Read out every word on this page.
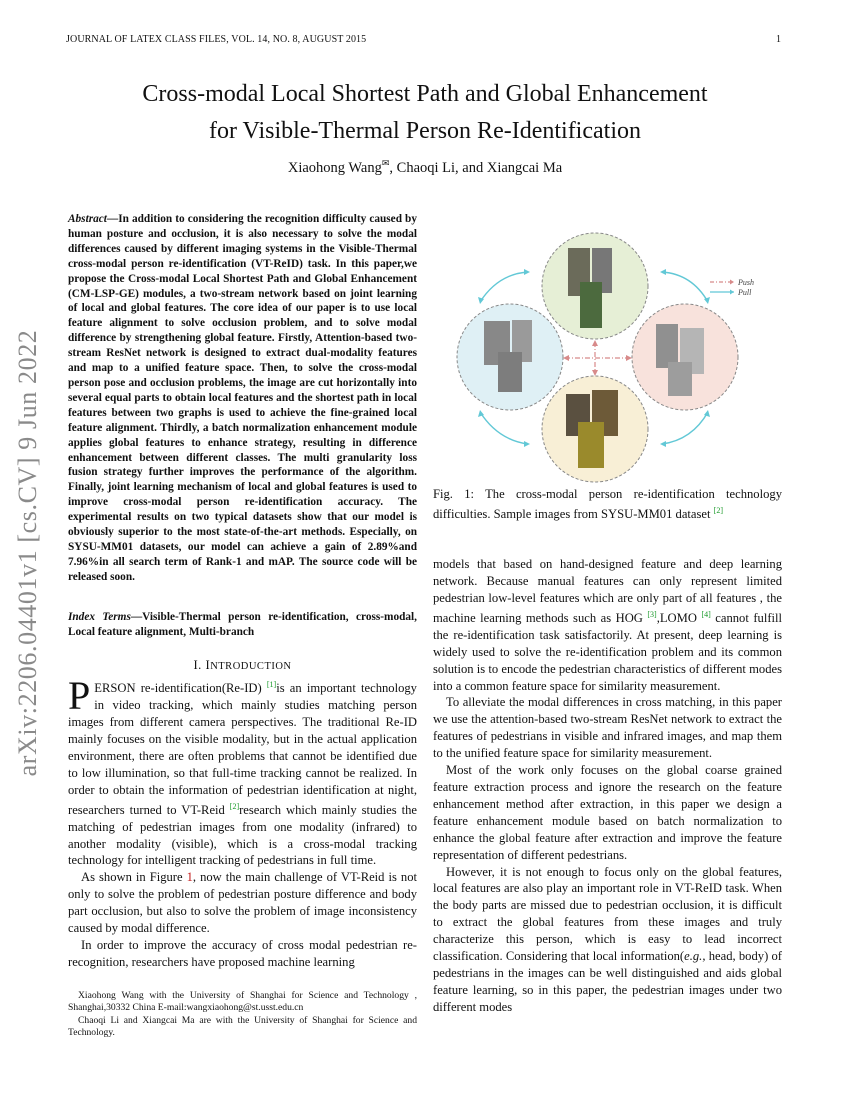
JOURNAL OF LATEX CLASS FILES, VOL. 14, NO. 8, AUGUST 2015	1
arXiv:2206.04401v1 [cs.CV] 9 Jun 2022
Cross-modal Local Shortest Path and Global Enhancement
for Visible-Thermal Person Re-Identification
Xiaohong Wang✉, Chaoqi Li, and Xiangcai Ma
Abstract—In addition to considering the recognition difficulty caused by human posture and occlusion, it is also necessary to solve the modal differences caused by different imaging systems in the Visible-Thermal cross-modal person re-identification (VT-ReID) task. In this paper,we propose the Cross-modal Local Shortest Path and Global Enhancement (CM-LSP-GE) modules, a two-stream network based on joint learning of local and global features. The core idea of our paper is to use local feature alignment to solve occlusion problem, and to solve modal difference by strengthening global feature. Firstly, Attention-based two-stream ResNet network is designed to extract dual-modality features and map to a unified feature space. Then, to solve the cross-modal person pose and occlusion problems, the image are cut horizontally into several equal parts to obtain local features and the shortest path in local features between two graphs is used to achieve the fine-grained local feature alignment. Thirdly, a batch normalization enhancement module applies global features to enhance strategy, resulting in difference enhancement between different classes. The multi granularity loss fusion strategy further improves the performance of the algorithm. Finally, joint learning mechanism of local and global features is used to improve cross-modal person re-identification accuracy. The experimental results on two typical datasets show that our model is obviously superior to the most state-of-the-art methods. Especially, on SYSU-MM01 datasets, our model can achieve a gain of 2.89%and 7.96%in all search term of Rank-1 and mAP. The source code will be released soon.
Index Terms—Visible-Thermal person re-identification, cross-modal, Local feature alignment, Multi-branch
I. INTRODUCTION

PERSON re-identification(Re-ID) [1]is an important technology in video tracking, which mainly studies matching person images from different camera perspectives. The traditional Re-ID mainly focuses on the visible modality, but in the actual application environment, there are often problems that cannot be identified due to low illumination, so that full-time tracking cannot be realized. In order to obtain the information of pedestrian identification at night, researchers turned to VT-Reid [2]research which mainly studies the matching of pedestrian images from one modality (infrared) to another modality (visible), which is a cross-modal tracking technology for intelligent tracking of pedestrians in full time.

As shown in Figure 1, now the main challenge of VT-Reid is not only to solve the problem of pedestrian posture difference and body part occlusion, but also to solve the problem of image inconsistency caused by modal difference.

In order to improve the accuracy of cross modal pedestrian re-recognition, researchers have proposed machine learning

Xiaohong Wang with the University of Shanghai for Science and Technology , Shanghai,30332 China E-mail:wangxiaohong@st.usst.edu.cn

Chaoqi Li and Xiangcai Ma are with the University of Shanghai for Science and Technology.

Push
Pull
Fig. 1: The cross-modal person re-identification technology difficulties. Sample images from SYSU-MM01 dataset [2]

models that based on hand-designed feature and deep learning network. Because manual features can only represent limited pedestrian low-level features which are only part of all features , the machine learning methods such as HOG [3],LOMO [4] cannot fulfill the re-identification task satisfactorily. At present, deep learning is widely used to solve the re-identification problem and its common solution is to encode the pedestrian characteristics of different modes into a common feature space for similarity measurement.

To alleviate the modal differences in cross matching, in this paper we use the attention-based two-stream ResNet network to extract the features of pedestrians in visible and infrared images, and map them to the unified feature space for similarity measurement.

Most of the work only focuses on the global coarse grained feature extraction process and ignore the research on the feature enhancement method after extraction, in this paper we design a feature enhancement module based on batch normalization to enhance the global feature after extraction and improve the feature representation of different pedestrians.

However, it is not enough to focus only on the global features, local features are also play an important role in VT-ReID task. When the body parts are missed due to pedestrian occlusion, it is difficult to extract the global features from these images and truly characterize this person, which is easy to lead incorrect classification. Considering that local information(e.g., head, body) of pedestrians in the images can be well distinguished and aids global feature learning, so in this paper, the pedestrian images under two different modes
